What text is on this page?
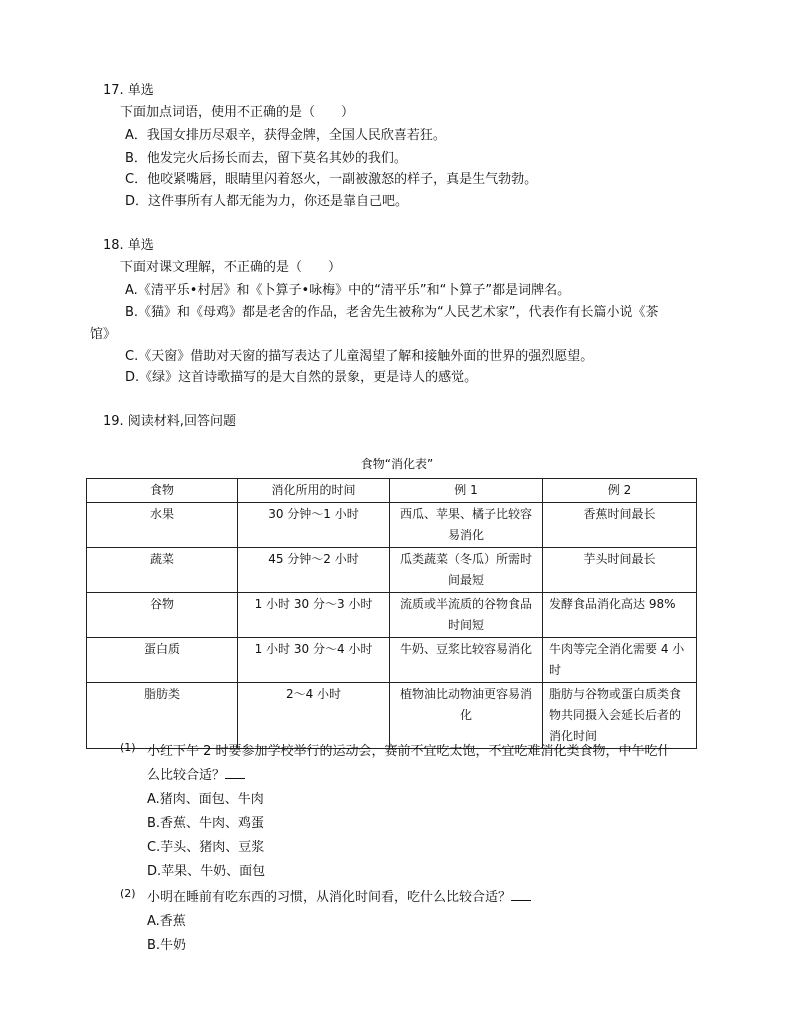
17. 单选
下面加点词语，使用不正确的是（　　）
A．我国女排历尽艰辛，获得金牌，全国人民欣喜若狂。
B．他发完火后扬长而去，留下莫名其妙的我们。
C．他咬紧嘴唇，眼睛里闪着怒火，一副被激怒的样子，真是生气勃勃。
D．这件事所有人都无能为力，你还是靠自己吧。
18. 单选
下面对课文理解，不正确的是（　　）
A.《清平乐•村居》和《卜算子•咏梅》中的“清平乐”和“卜算子”都是词牌名。
B.《猫》和《母鸡》都是老舍的作品，老舍先生被称为“人民艺术家”，代表作有长篇小说《茶
馆》
C.《天窗》借助对天窗的描写表达了儿童渴望了解和接触外面的世界的强烈愿望。
D.《绿》这首诗歌描写的是大自然的景象，更是诗人的感觉。
19. 阅读材料,回答问题
食物“消化表”
食物	消化所用的时间	例 1	例 2
水果	30 分钟～1 小时	西瓜、苹果、橘子比较容易消化	香蕉时间最长
蔬菜	45 分钟～2 小时	瓜类蔬菜（冬瓜）所需时间最短	芋头时间最长
谷物	1 小时 30 分～3 小时	流质或半流质的谷物食品时间短	发酵食品消化高达 98%
蛋白质	1 小时 30 分～4 小时	牛奶、豆浆比较容易消化	牛肉等完全消化需要 4 小时
脂肪类	2～4 小时	植物油比动物油更容易消化	脂肪与谷物或蛋白质类食物共同摄入会延长后者的消化时间
(1) 小红下午 2 时要参加学校举行的运动会，赛前不宜吃太饱，不宜吃难消化类食物，中午吃什
么比较合适？
A.猪肉、面包、牛肉
B.香蕉、牛肉、鸡蛋
C.芋头、猪肉、豆浆
D.苹果、牛奶、面包
(2) 小明在睡前有吃东西的习惯，从消化时间看，吃什么比较合适？
A.香蕉
B.牛奶
